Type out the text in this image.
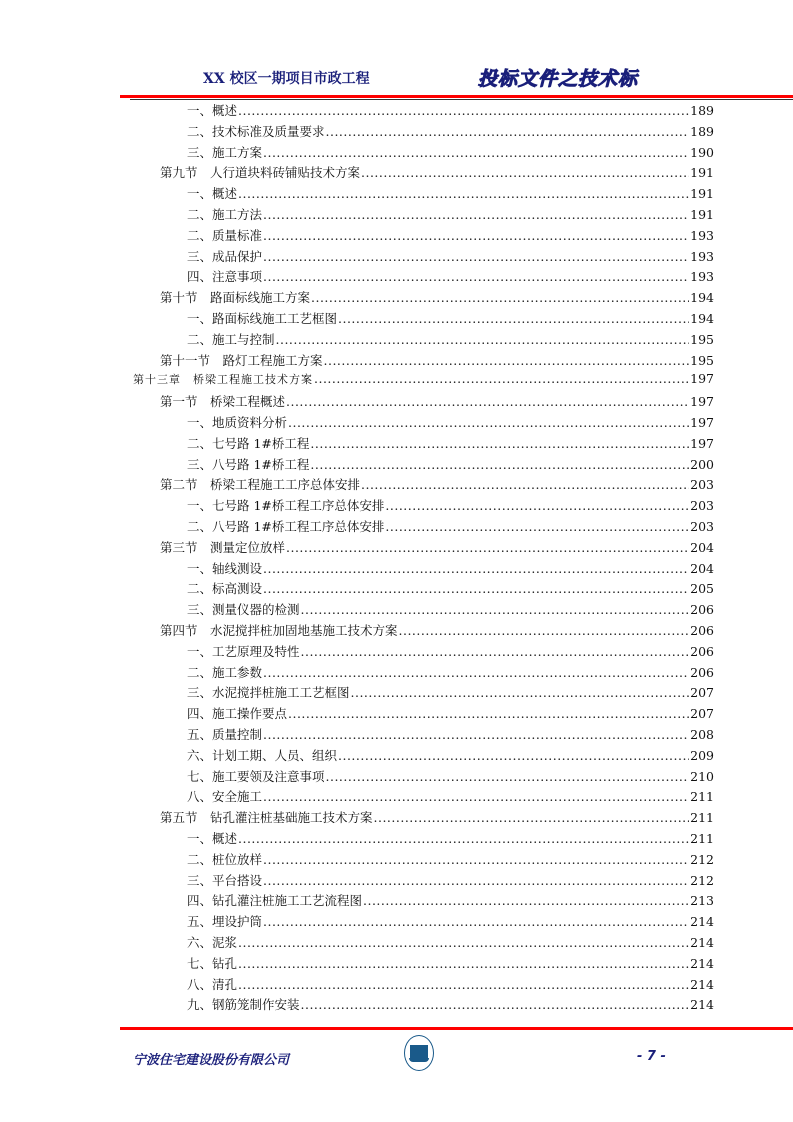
XX 校区一期项目市政工程	投标文件之技术标
一、概述 .....	189
二、技术标准及质量要求 .....	189
三、施工方案 .....	190
第九节　人行道块料砖铺贴技术方案 .....	191
一、概述 .....	191
二、施工方法 .....	191
二、质量标准 .....	193
三、成品保护 .....	193
四、注意事项 .....	193
第十节　路面标线施工方案 .....	194
一、路面标线施工工艺框图 .....	194
二、施工与控制 .....	195
第十一节　路灯工程施工方案 .....	195
第十三章　桥梁工程施工技术方案 .....	197
第一节　桥梁工程概述 .....	197
一、地质资料分析 .....	197
二、七号路 1#桥工程 .....	197
三、八号路 1#桥工程 .....	200
第二节　桥梁工程施工工序总体安排 .....	203
一、七号路 1#桥工程工序总体安排 .....	203
二、八号路 1#桥工程工序总体安排 .....	203
第三节　测量定位放样 .....	204
一、轴线测设 .....	204
二、标高测设 .....	205
三、测量仪器的检测 .....	206
第四节　水泥搅拌桩加固地基施工技术方案 .....	206
一、工艺原理及特性 .....	206
二、施工参数 .....	206
三、水泥搅拌桩施工工艺框图 .....	207
四、施工操作要点 .....	207
五、质量控制 .....	208
六、计划工期、人员、组织 .....	209
七、施工要领及注意事项 .....	210
八、安全施工 .....	211
第五节　钻孔灌注桩基础施工技术方案 .....	211
一、概述 .....	211
二、桩位放样 .....	212
三、平台搭设 .....	212
四、钻孔灌注桩施工工艺流程图 .....	213
五、埋设护筒 .....	214
六、泥浆 .....	214
七、钻孔 .....	214
八、清孔 .....	214
九、钢筋笼制作安装 .....	214
宁波住宅建设股份有限公司	- 7 -
